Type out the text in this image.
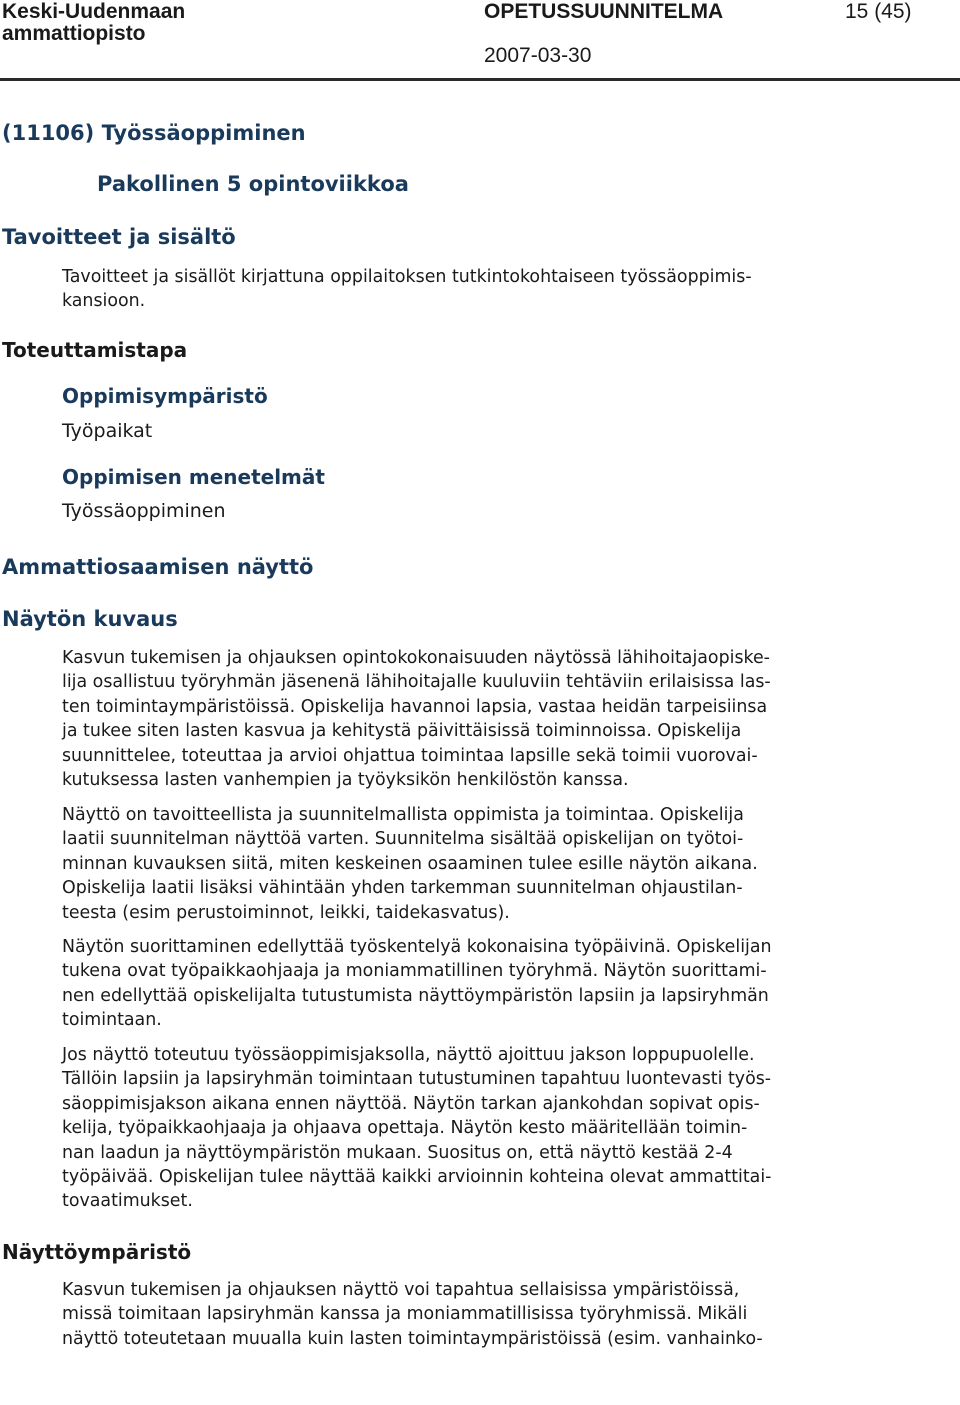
Keski-Uudenmaan
ammattiopisto
OPETUSSUUNNITELMA	15 (45)
2007-03-30
(11106) Työssäoppiminen
Pakollinen 5 opintoviikkoa
Tavoitteet ja sisältö
Tavoitteet ja sisällöt kirjattuna oppilaitoksen tutkintokohtaiseen työssäoppimis-
kansioon.
Toteuttamistapa
Oppimisympäristö
Työpaikat
Oppimisen menetelmät
Työssäoppiminen
Ammattiosaamisen näyttö
Näytön kuvaus
Kasvun tukemisen ja ohjauksen opintokokonaisuuden näytössä lähihoitajaopiske-
lija osallistuu työryhmän jäsenenä lähihoitajalle kuuluviin tehtäviin erilaisissa las-
ten toimintaympäristöissä. Opiskelija havannoi lapsia, vastaa heidän tarpeisiinsa
ja tukee siten lasten kasvua ja kehitystä päivittäisissä toiminnoissa. Opiskelija
suunnittelee, toteuttaa ja arvioi ohjattua toimintaa lapsille sekä toimii vuorovai-
kutuksessa lasten vanhempien ja työyksikön henkilöstön kanssa.
Näyttö on tavoitteellista ja suunnitelmallista oppimista ja toimintaa. Opiskelija
laatii suunnitelman näyttöä varten. Suunnitelma sisältää opiskelijan on työtoi-
minnan kuvauksen siitä, miten keskeinen osaaminen tulee esille näytön aikana.
Opiskelija laatii lisäksi vähintään yhden tarkemman suunnitelman ohjaustilan-
teesta (esim perustoiminnot, leikki, taidekasvatus).
Näytön suorittaminen edellyttää työskentelyä kokonaisina työpäivinä. Opiskelijan
tukena ovat työpaikkaohjaaja ja moniammatillinen työryhmä. Näytön suorittami-
nen edellyttää opiskelijalta tutustumista näyttöympäristön lapsiin ja lapsiryhmän
toimintaan.
Jos näyttö toteutuu työssäoppimisjaksolla, näyttö ajoittuu jakson loppupuolelle.
Tällöin lapsiin ja lapsiryhmän toimintaan tutustuminen tapahtuu luontevasti työs-
säoppimisjakson aikana ennen näyttöä. Näytön tarkan ajankohdan sopivat opis-
kelija, työpaikkaohjaaja ja ohjaava opettaja. Näytön kesto määritellään toimin-
nan laadun ja näyttöympäristön mukaan. Suositus on, että näyttö kestää 2-4
työpäivää. Opiskelijan tulee näyttää kaikki arvioinnin kohteina olevat ammattitai-
tovaatimukset.
Näyttöympäristö
Kasvun tukemisen ja ohjauksen näyttö voi tapahtua sellaisissa ympäristöissä,
missä toimitaan lapsiryhmän kanssa ja moniammatillisissa työryhmissä. Mikäli
näyttö toteutetaan muualla kuin lasten toimintaympäristöissä (esim. vanhainko-
